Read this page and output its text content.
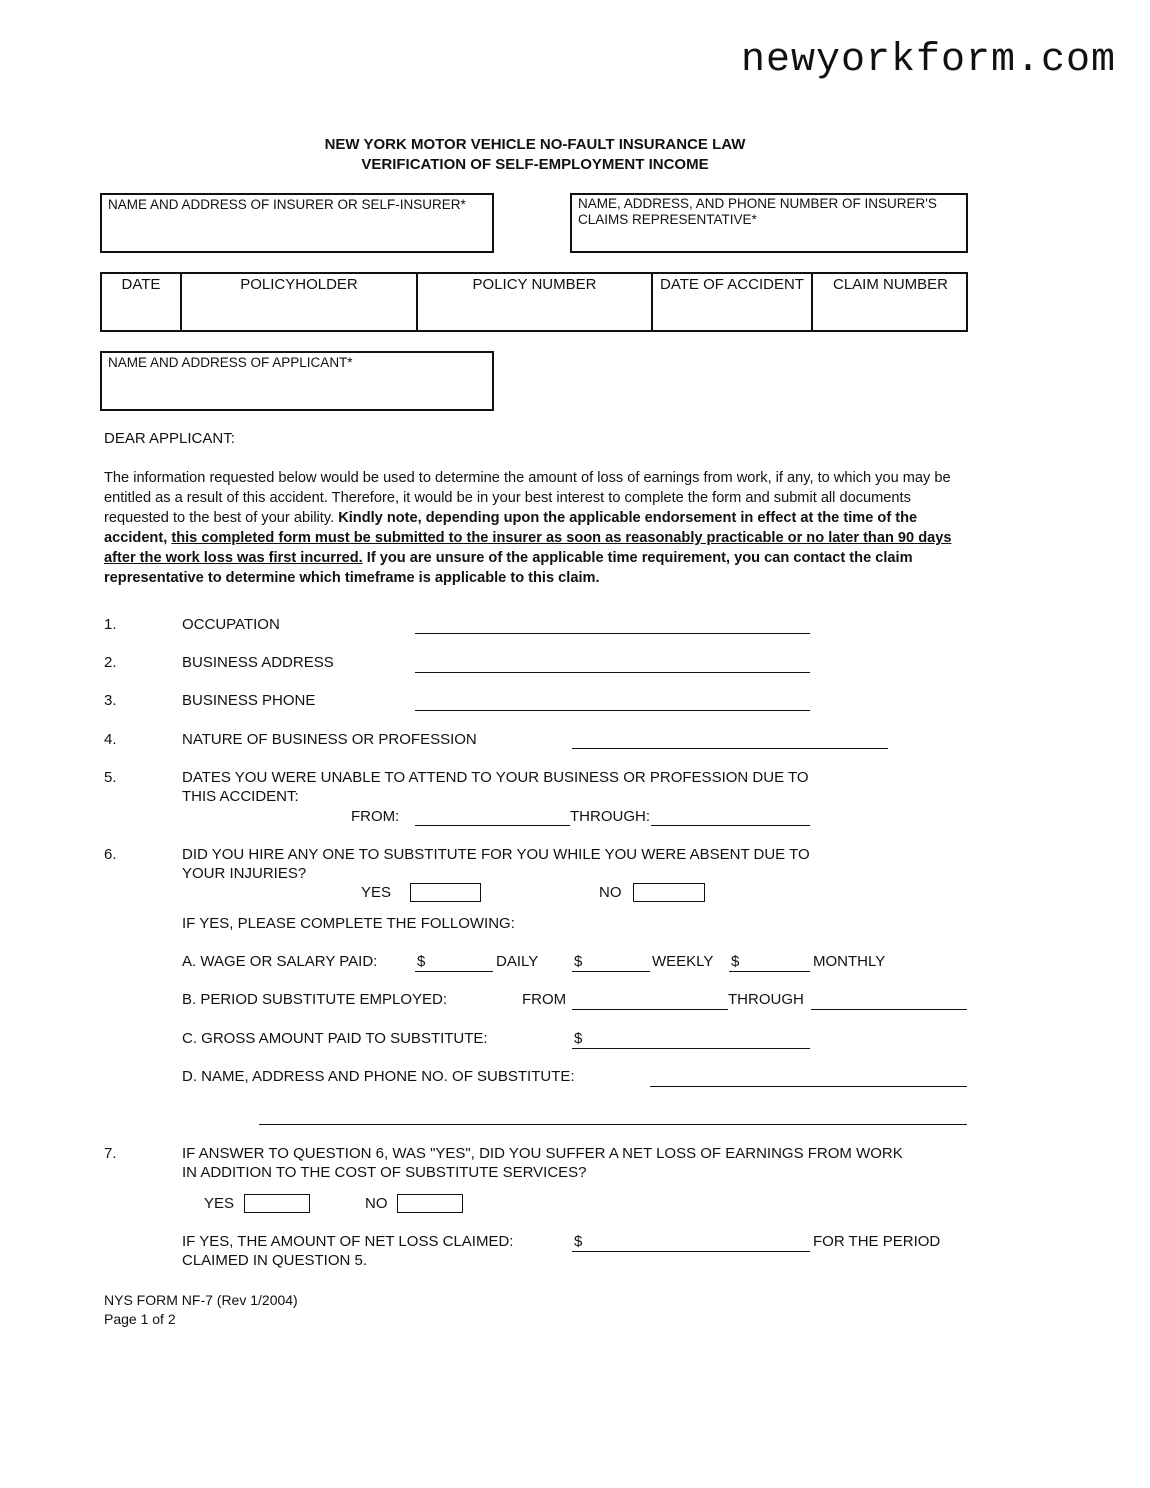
newyorkform.com
NEW YORK MOTOR VEHICLE NO-FAULT INSURANCE LAW
VERIFICATION OF SELF-EMPLOYMENT INCOME
NAME AND ADDRESS OF INSURER OR SELF-INSURER*	NAME, ADDRESS, AND PHONE NUMBER OF INSURER'S
CLAIMS REPRESENTATIVE*
DATE	POLICYHOLDER	POLICY NUMBER	DATE OF ACCIDENT	CLAIM NUMBER
NAME AND ADDRESS OF APPLICANT*
DEAR APPLICANT:
The information requested below would be used to determine the amount of loss of earnings from work, if any, to which you may be entitled as a result of this accident. Therefore, it would be in your best interest to complete the form and submit all documents requested to the best of your ability. Kindly note, depending upon the applicable endorsement in effect at the time of the accident, this completed form must be submitted to the insurer as soon as reasonably practicable or no later than 90 days after the work loss was first incurred. If you are unsure of the applicable time requirement, you can contact the claim representative to determine which timeframe is applicable to this claim.
1.	OCCUPATION
2.	BUSINESS ADDRESS
3.	BUSINESS PHONE
4.	NATURE OF BUSINESS OR PROFESSION
5.	DATES YOU WERE UNABLE TO ATTEND TO YOUR BUSINESS OR PROFESSION DUE TO
THIS ACCIDENT:
FROM:	THROUGH:
6.	DID YOU HIRE ANY ONE TO SUBSTITUTE FOR YOU WHILE YOU WERE ABSENT DUE TO
YOUR INJURIES?
YES	NO
IF YES, PLEASE COMPLETE THE FOLLOWING:
A. WAGE OR SALARY PAID:	$	DAILY $	WEEKLY $	MONTHLY
B. PERIOD SUBSTITUTE EMPLOYED:	FROM	THROUGH
C. GROSS AMOUNT PAID TO SUBSTITUTE:	$
D. NAME, ADDRESS AND PHONE NO. OF SUBSTITUTE:
7.	IF ANSWER TO QUESTION 6, WAS "YES", DID YOU SUFFER A NET LOSS OF EARNINGS FROM WORK
IN ADDITION TO THE COST OF SUBSTITUTE SERVICES?
YES	NO
IF YES, THE AMOUNT OF NET LOSS CLAIMED:
CLAIMED IN QUESTION 5.
$	FOR THE PERIOD
NYS FORM NF-7 (Rev 1/2004)
Page 1 of 2
